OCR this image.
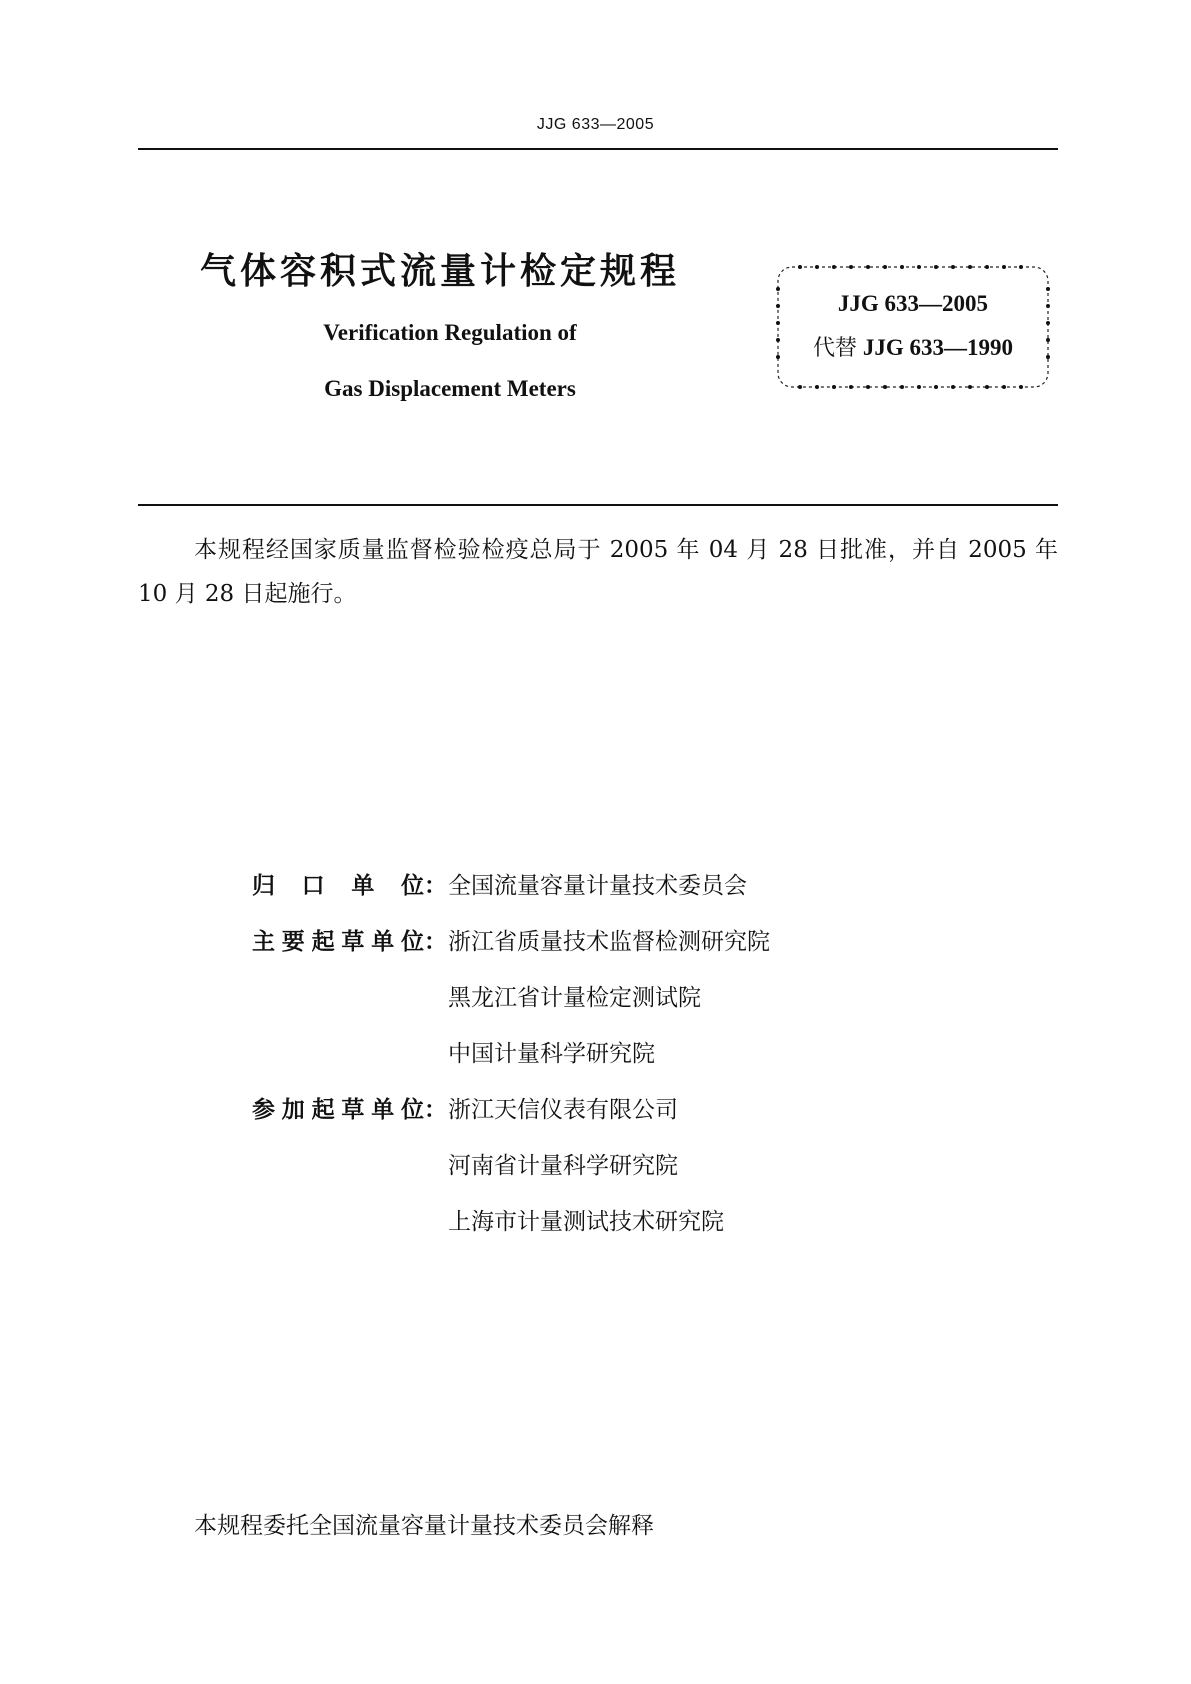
JJG 633—2005
气体容积式流量计检定规程
Verification Regulation of
Gas Displacement Meters
JJG 633—2005
代替 JJG 633—1990
本规程经国家质量监督检验检疫总局于 2005 年 04 月 28 日批准，并自 2005 年 10 月 28 日起施行。
归 口 单 位 ： 全国流量容量计量技术委员会
主 要 起 草 单 位 ： 浙江省质量技术监督检测研究院
黑龙江省计量检定测试院
中国计量科学研究院
参 加 起 草 单 位 ： 浙江天信仪表有限公司
河南省计量科学研究院
上海市计量测试技术研究院
本规程委托全国流量容量计量技术委员会解释
